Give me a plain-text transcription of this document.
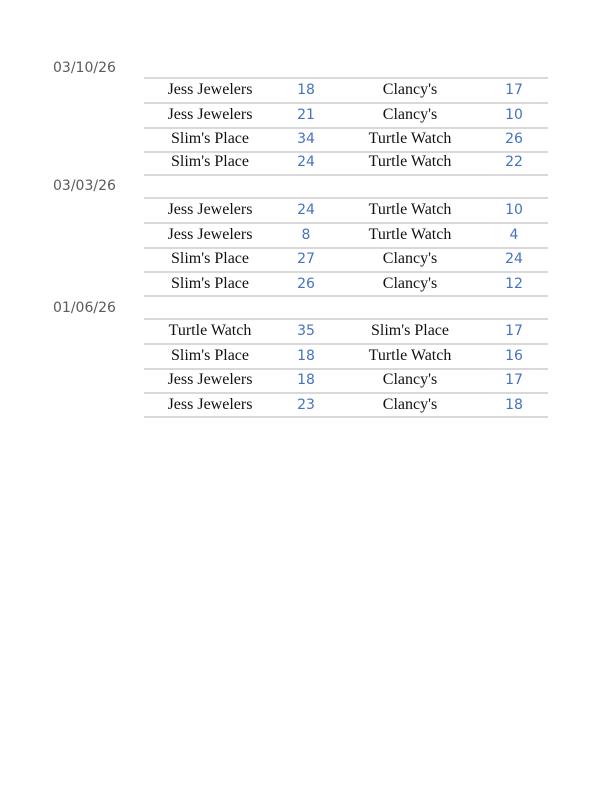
03/10/26
Jess Jewelers	18	Clancy's	17
Jess Jewelers	21	Clancy's	10
Slim's Place	34	Turtle Watch	26
Slim's Place	24	Turtle Watch	22
03/03/26
Jess Jewelers	24	Turtle Watch	10
Jess Jewelers	8	Turtle Watch	4
Slim's Place	27	Clancy's	24
Slim's Place	26	Clancy's	12
01/06/26
Turtle Watch	35	Slim's Place	17
Slim's Place	18	Turtle Watch	16
Jess Jewelers	18	Clancy's	17
Jess Jewelers	23	Clancy's	18
